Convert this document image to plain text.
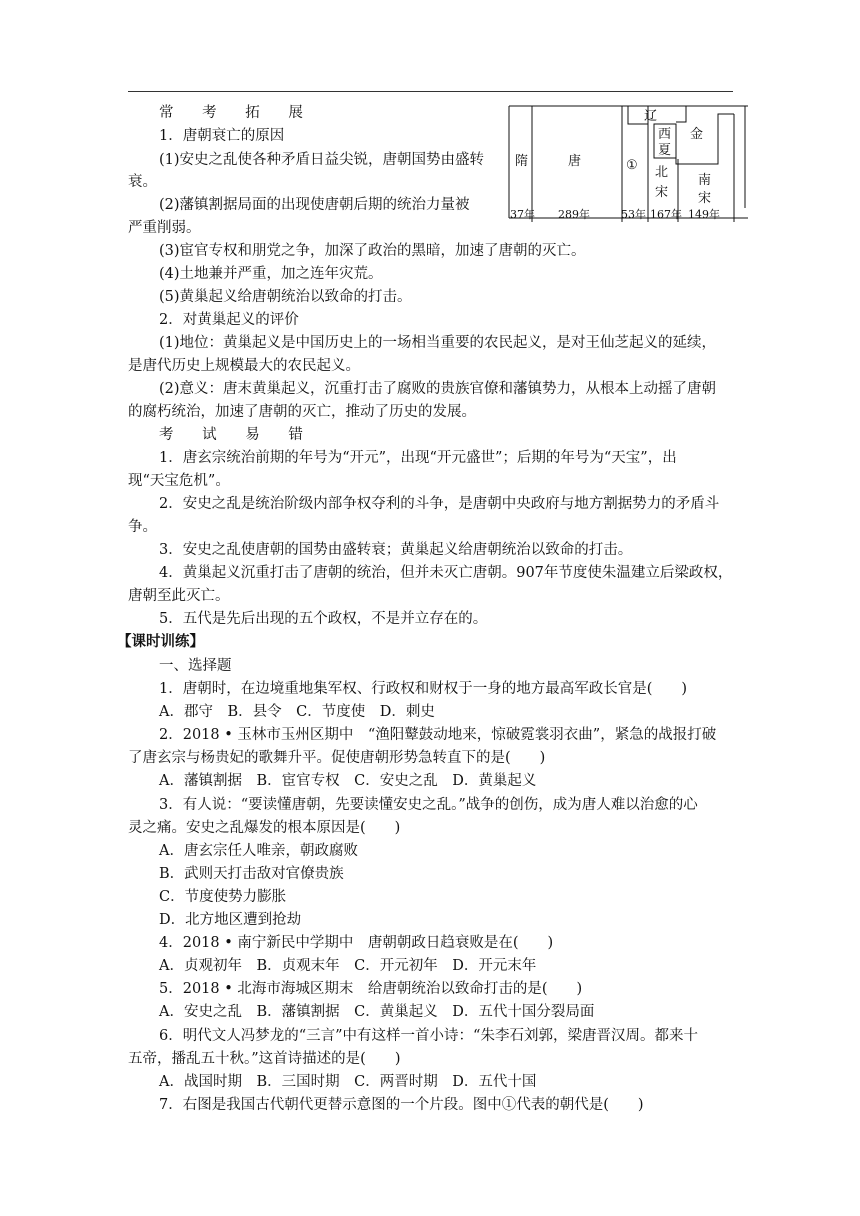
常 考 拓 展
1．唐朝衰亡的原因
(1)安史之乱使各种矛盾日益尖锐，唐朝国势由盛转
衰。
(2)藩镇割据局面的出现使唐朝后期的统治力量被
严重削弱。
(3)宦官专权和朋党之争，加深了政治的黑暗，加速了唐朝的灭亡。
(4)土地兼并严重，加之连年灾荒。
(5)黄巢起义给唐朝统治以致命的打击。
2．对黄巢起义的评价
(1)地位：黄巢起义是中国历史上的一场相当重要的农民起义，是对王仙芝起义的延续，
是唐代历史上规模最大的农民起义。
(2)意义：唐末黄巢起义，沉重打击了腐败的贵族官僚和藩镇势力，从根本上动摇了唐朝
的腐朽统治，加速了唐朝的灭亡，推动了历史的发展。
考 试 易 错
1．唐玄宗统治前期的年号为“开元”，出现“开元盛世”；后期的年号为“天宝”，出
现“天宝危机”。
2．安史之乱是统治阶级内部争权夺利的斗争，是唐朝中央政府与地方割据势力的矛盾斗
争。
3．安史之乱使唐朝的国势由盛转衰；黄巢起义给唐朝统治以致命的打击。
4．黄巢起义沉重打击了唐朝的统治，但并未灭亡唐朝。907年节度使朱温建立后梁政权，
唐朝至此灭亡。
5．五代是先后出现的五个政权，不是并立存在的。
【课时训练】
一、选择题
1．唐朝时，在边境重地集军权、行政权和财权于一身的地方最高军政长官是(　　)
A．郡守　B．县令　C．节度使　D．刺史
2．2018 • 玉林市玉州区期中　“渔阳鼙鼓动地来，惊破霓裳羽衣曲”，紧急的战报打破
了唐玄宗与杨贵妃的歌舞升平。促使唐朝形势急转直下的是(　　)
A．藩镇割据　B．宦官专权　C．安史之乱　D．黄巢起义
3．有人说：“要读懂唐朝，先要读懂安史之乱。”战争的创伤，成为唐人难以治愈的心
灵之痛。安史之乱爆发的根本原因是(　　)
A．唐玄宗任人唯亲，朝政腐败
B．武则天打击敌对官僚贵族
C．节度使势力膨胀
D．北方地区遭到抢劫
4．2018 • 南宁新民中学期中　唐朝朝政日趋衰败是在(　　)
A．贞观初年　B．贞观末年　C．开元初年　D．开元末年
5．2018 • 北海市海城区期末　给唐朝统治以致命打击的是(　　)
A．安史之乱　B．藩镇割据　C．黄巢起义　D．五代十国分裂局面
6．明代文人冯梦龙的“三言”中有这样一首小诗：“朱李石刘郭，梁唐晋汉周。都来十
五帝，播乱五十秋。”这首诗描述的是(　　)
A．战国时期　B．三国时期　C．两晋时期　D．五代十国
7．右图是我国古代朝代更替示意图的一个片段。图中①代表的朝代是(　　)
隋	唐	①
辽
西
夏
金
北
宋
南
宋
37年 289年	53年 167年 149年
